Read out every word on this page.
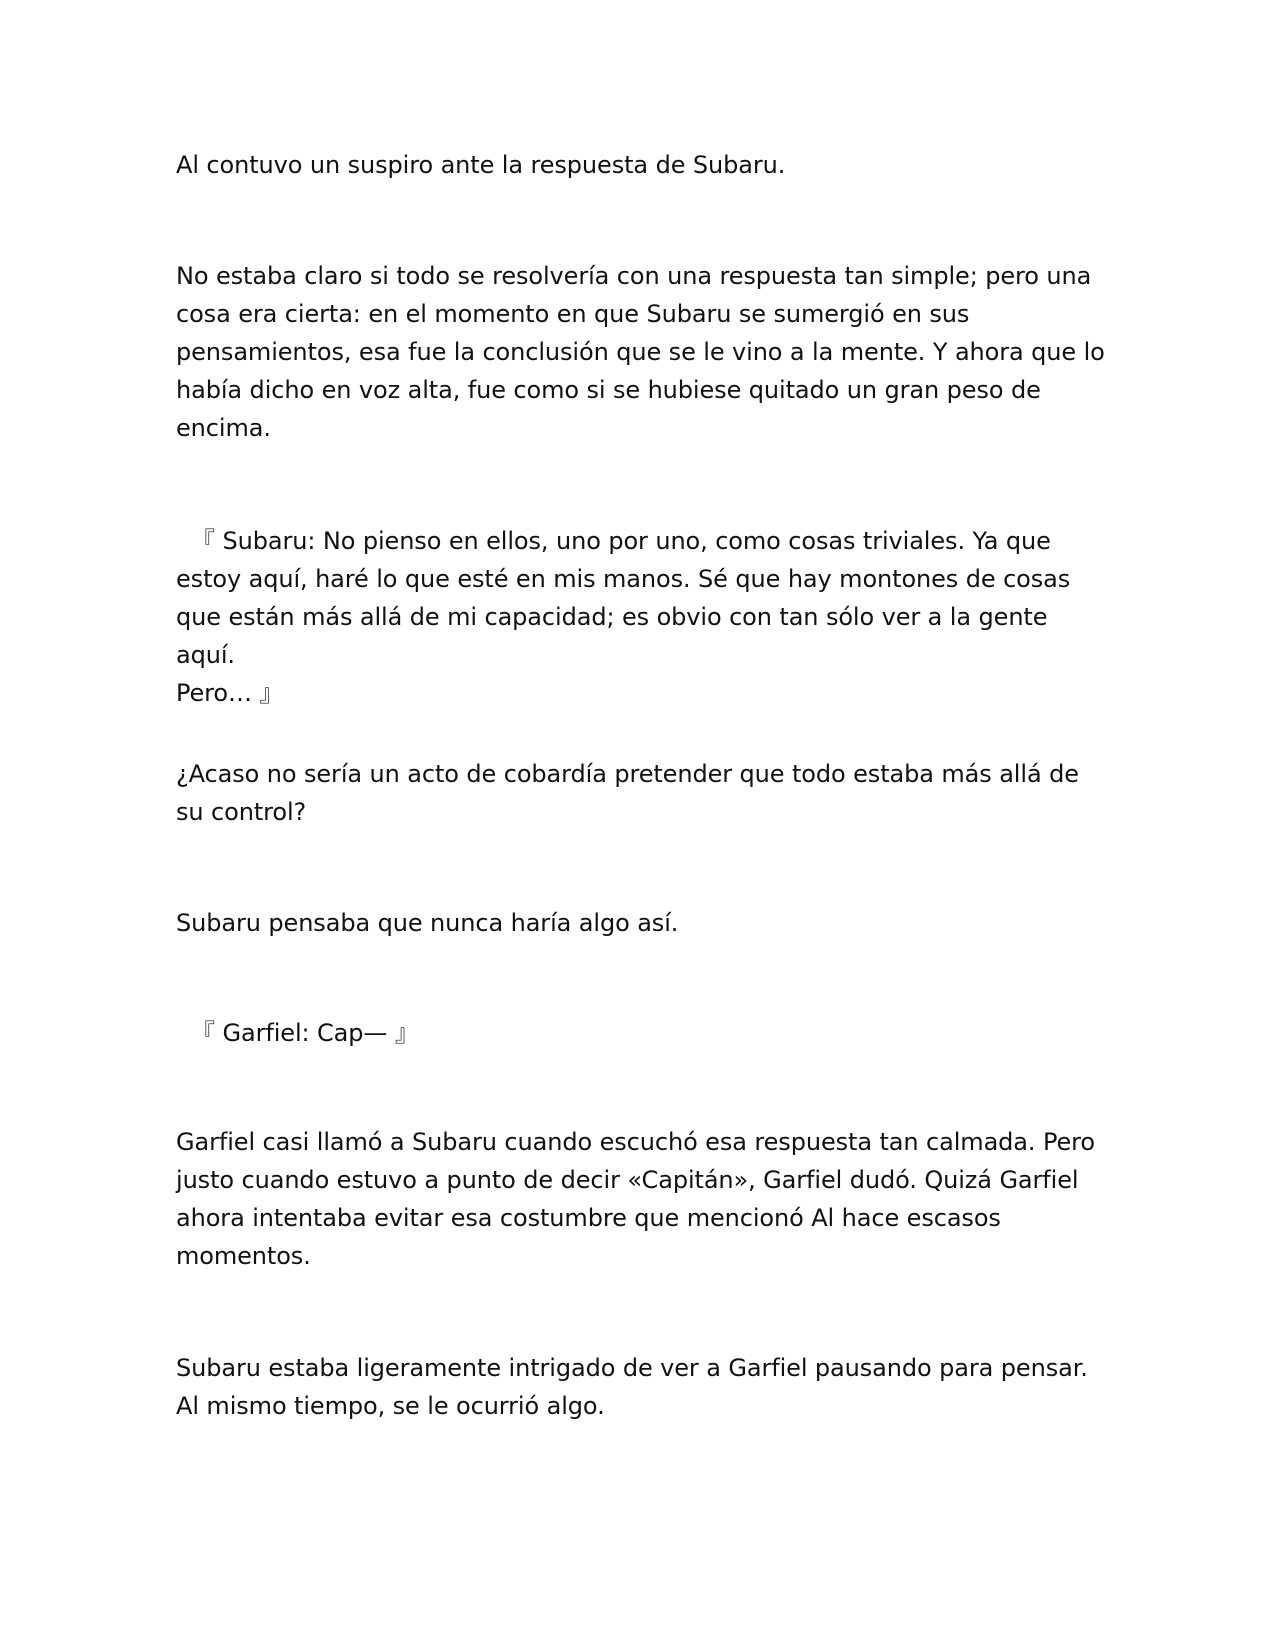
Al contuvo un suspiro ante la respuesta de Subaru.

No estaba claro si todo se resolvería con una respuesta tan simple; pero una
cosa era cierta: en el momento en que Subaru se sumergió en sus
pensamientos, esa fue la conclusión que se le vino a la mente. Y ahora que lo
había dicho en voz alta, fue como si se hubiese quitado un gran peso de
encima.

『 Subaru: No pienso en ellos, uno por uno, como cosas triviales. Ya que
estoy aquí, haré lo que esté en mis manos. Sé que hay montones de cosas
que están más allá de mi capacidad; es obvio con tan sólo ver a la gente aquí.
Pero… 』

¿Acaso no sería un acto de cobardía pretender que todo estaba más allá de
su control?

Subaru pensaba que nunca haría algo así.

『 Garfiel: Cap— 』

Garfiel casi llamó a Subaru cuando escuchó esa respuesta tan calmada. Pero
justo cuando estuvo a punto de decir «Capitán», Garfiel dudó. Quizá Garfiel
ahora intentaba evitar esa costumbre que mencionó Al hace escasos
momentos.

Subaru estaba ligeramente intrigado de ver a Garfiel pausando para pensar.
Al mismo tiempo, se le ocurrió algo.
